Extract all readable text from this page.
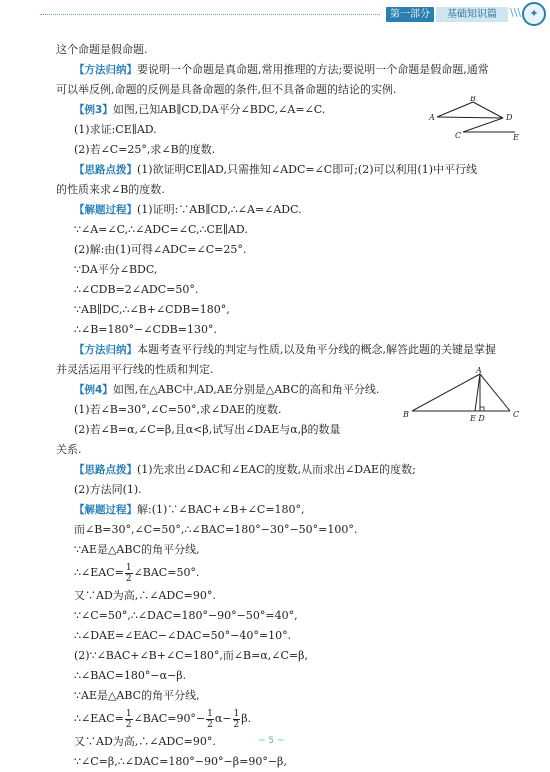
第一部分	基础知识篇	\\\ ✦
这个命题是假命题.
【方法归纳】要说明一个命题是真命题,常用推理的方法;要说明一个命题是假命题,通常
可以举反例,命题的反例是具备命题的条件,但不具备命题的结论的实例.
【例3】如图,已知AB∥CD,DA平分∠BDC,∠A=∠C.
(1)求证:CE∥AD.
(2)若∠C=25°,求∠B的度数.
【思路点拨】(1)欲证明CE∥AD,只需推知∠ADC=∠C即可;(2)可以利用(1)中平行线
的性质来求∠B的度数.
【解题过程】(1)证明:∵AB∥CD,∴∠A=∠ADC.
∵∠A=∠C,∴∠ADC=∠C,∴CE∥AD.
(2)解:由(1)可得∠ADC=∠C=25°.
∵DA平分∠BDC,
∴∠CDB=2∠ADC=50°.
∵AB∥DC,∴∠B+∠CDB=180°,
∴∠B=180°−∠CDB=130°.
【方法归纳】本题考查平行线的判定与性质,以及角平分线的概念,解答此题的关键是掌握
并灵活运用平行线的性质和判定.
【例4】如图,在△ABC中,AD,AE分别是△ABC的高和角平分线.
(1)若∠B=30°,∠C=50°,求∠DAE的度数.
(2)若∠B=α,∠C=β,且α<β,试写出∠DAE与α,β的数量
关系.
【思路点拨】(1)先求出∠DAC和∠EAC的度数,从而求出∠DAE的度数;
(2)方法同(1).
【解题过程】解:(1)∵∠BAC+∠B+∠C=180°,
而∠B=30°,∠C=50°,∴∠BAC=180°−30°−50°=100°.
∵AE是△ABC的角平分线,
∴∠EAC= $\frac{1}{2}$ ∠BAC=50°.
又∵AD为高,∴∠ADC=90°.
∵∠C=50°,∴∠DAC=180°−90°−50°=40°,
∴∠DAE=∠EAC−∠DAC=50°−40°=10°.
(2)∵∠BAC+∠B+∠C=180°,而∠B=α,∠C=β,
∴∠BAC=180°−α−β.
∵AE是△ABC的角平分线,
∴∠EAC= $\frac{1}{2}$ ∠BAC=90°− $\frac{1}{2} \alpha- \frac{1}{2} \beta$.
又∵AD为高,∴∠ADC=90°.
∵∠C=β,∴∠DAC=180°−90°−β=90°−β,
A
B
D
C	E
A
B	C
E D
~ 5 ~
